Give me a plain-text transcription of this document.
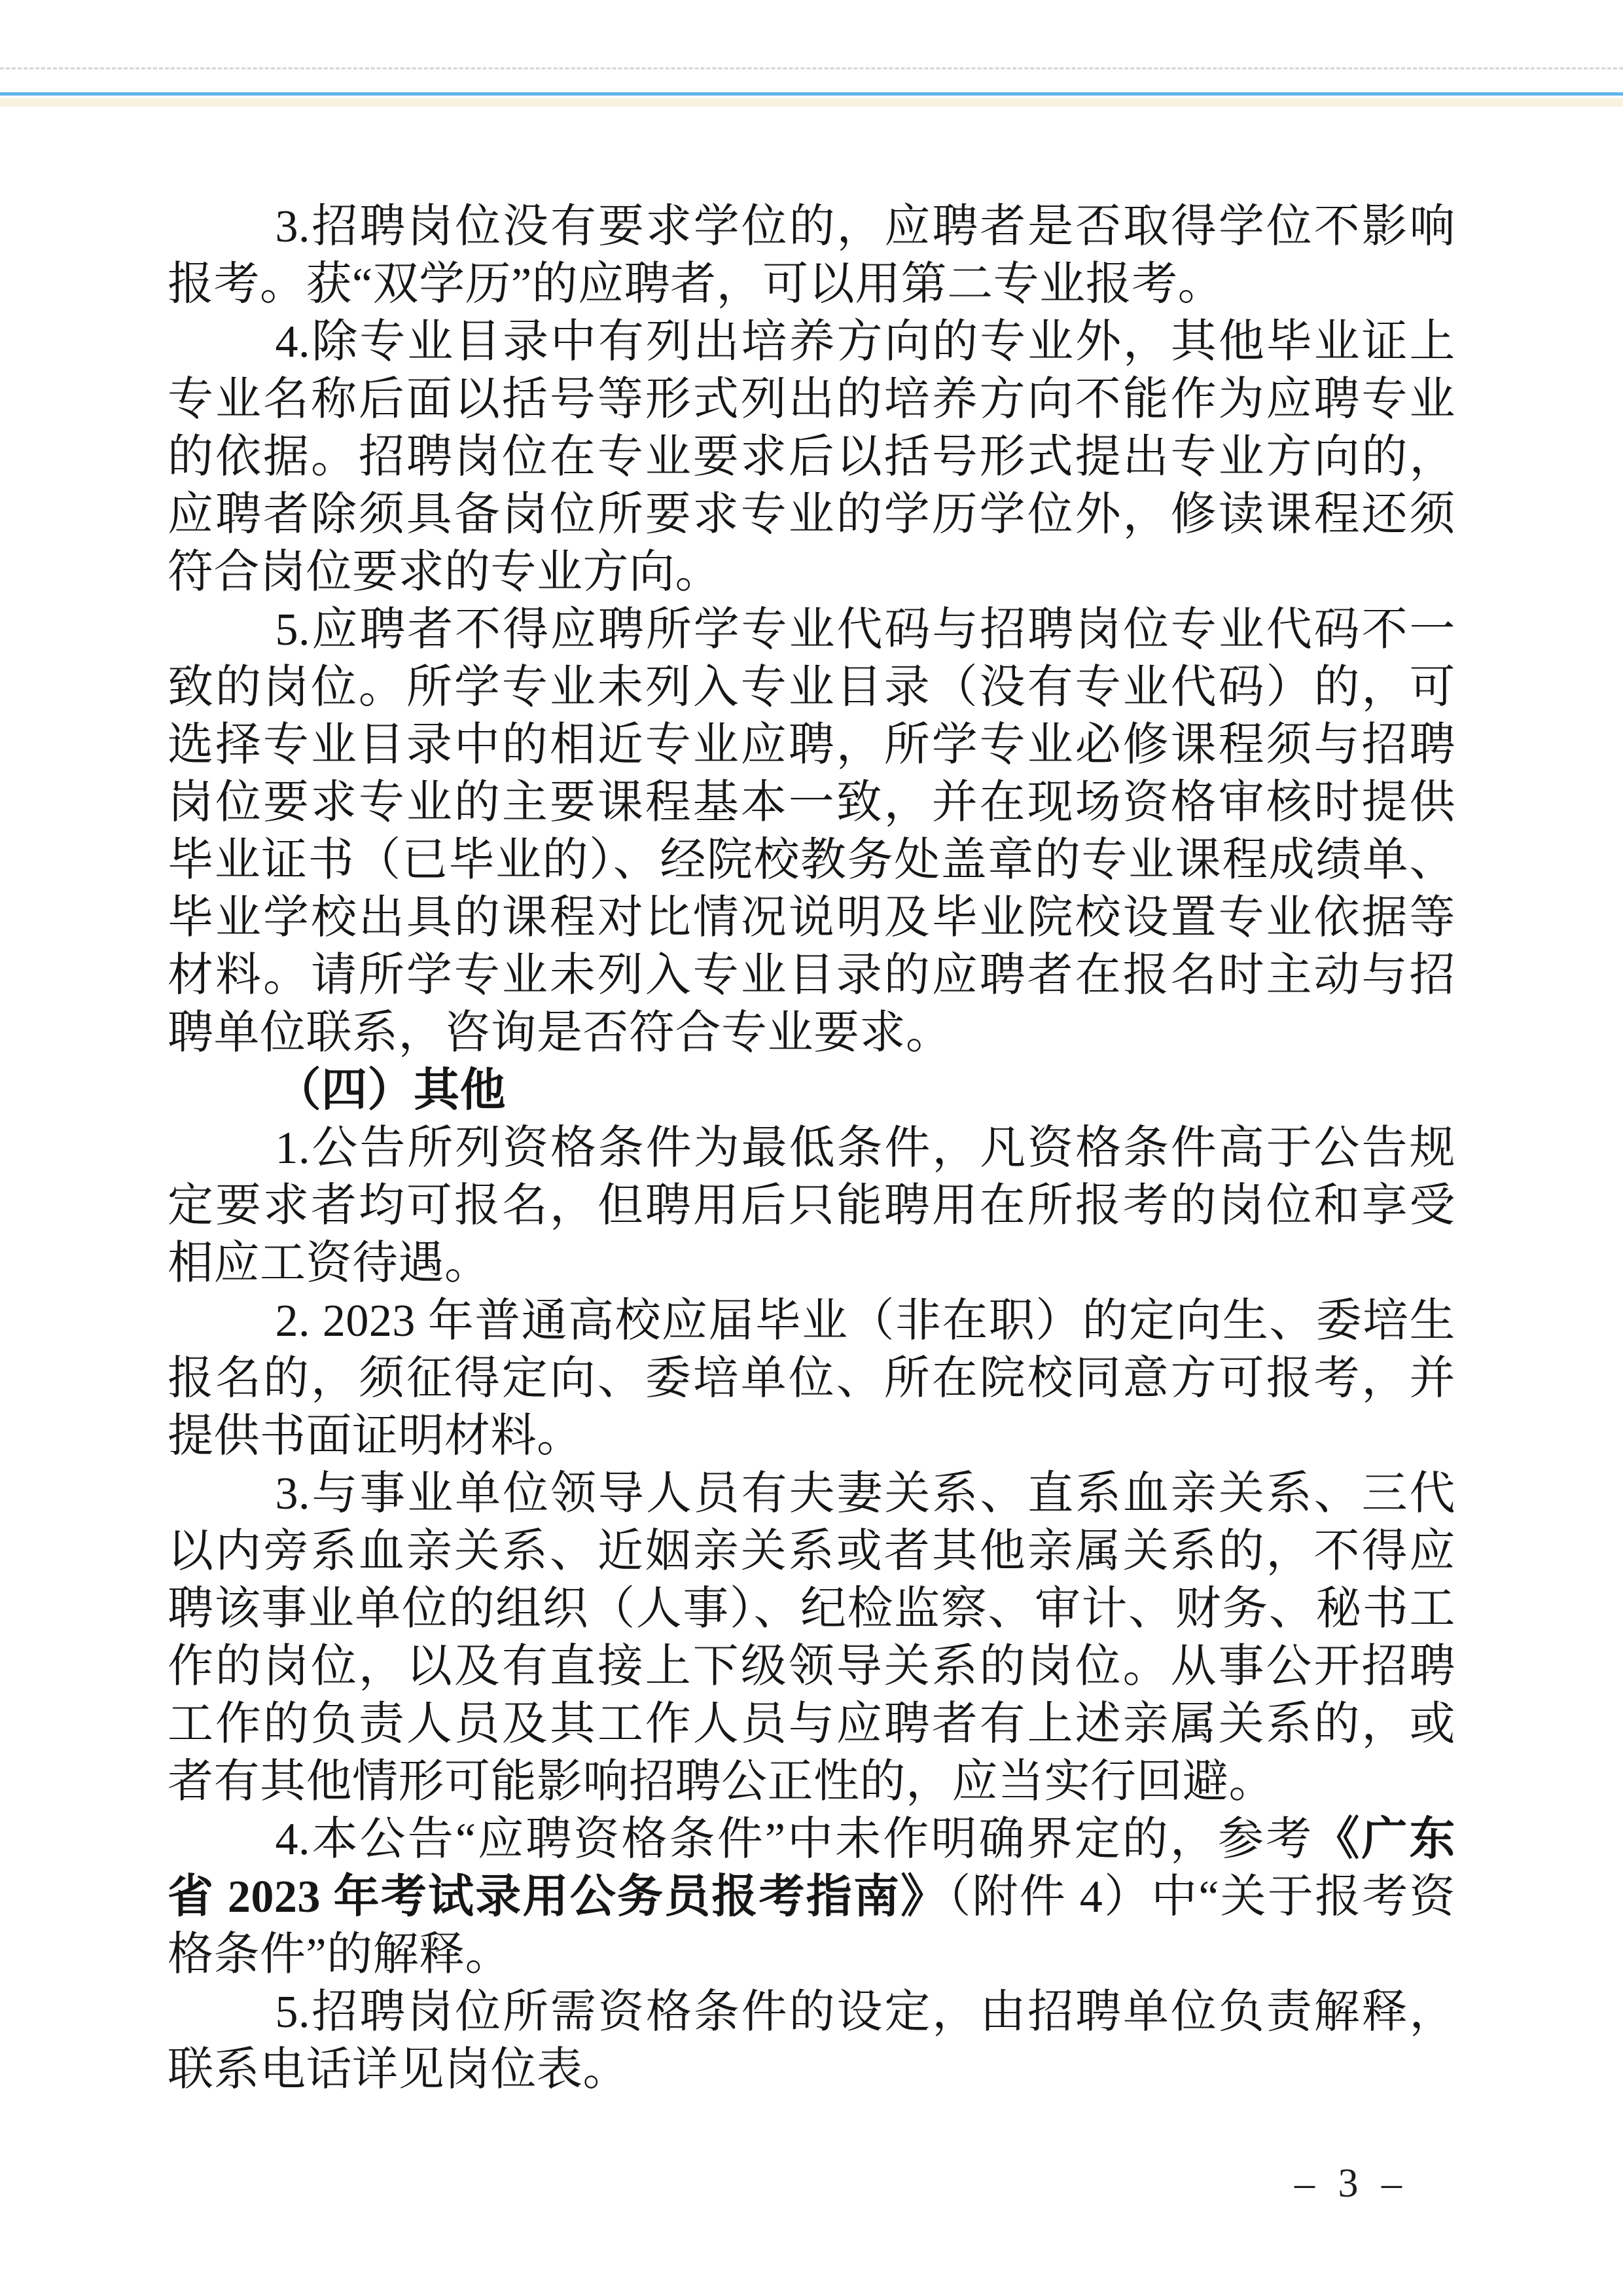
3.招聘岗位没有要求学位的，应聘者是否取得学位不影响报考。获“双学历”的应聘者，可以用第二专业报考。

4.除专业目录中有列出培养方向的专业外，其他毕业证上专业名称后面以括号等形式列出的培养方向不能作为应聘专业的依据。招聘岗位在专业要求后以括号形式提出专业方向的，应聘者除须具备岗位所要求专业的学历学位外，修读课程还须符合岗位要求的专业方向。

5.应聘者不得应聘所学专业代码与招聘岗位专业代码不一致的岗位。所学专业未列入专业目录（没有专业代码）的，可选择专业目录中的相近专业应聘，所学专业必修课程须与招聘岗位要求专业的主要课程基本一致，并在现场资格审核时提供毕业证书（已毕业的）、经院校教务处盖章的专业课程成绩单、毕业学校出具的课程对比情况说明及毕业院校设置专业依据等材料。请所学专业未列入专业目录的应聘者在报名时主动与招聘单位联系，咨询是否符合专业要求。

（四）其他

1.公告所列资格条件为最低条件，凡资格条件高于公告规定要求者均可报名，但聘用后只能聘用在所报考的岗位和享受相应工资待遇。

2. 2023 年普通高校应届毕业（非在职）的定向生、委培生报名的，须征得定向、委培单位、所在院校同意方可报考，并提供书面证明材料。

3.与事业单位领导人员有夫妻关系、直系血亲关系、三代以内旁系血亲关系、近姻亲关系或者其他亲属关系的，不得应聘该事业单位的组织（人事）、纪检监察、审计、财务、秘书工作的岗位，以及有直接上下级领导关系的岗位。从事公开招聘工作的负责人员及其工作人员与应聘者有上述亲属关系的，或者有其他情形可能影响招聘公正性的，应当实行回避。

4.本公告“应聘资格条件”中未作明确界定的，参考《广东省 2023 年考试录用公务员报考指南》（附件 4）中“关于报考资格条件”的解释。

5.招聘岗位所需资格条件的设定，由招聘单位负责解释，联系电话详见岗位表。

– 3 –
